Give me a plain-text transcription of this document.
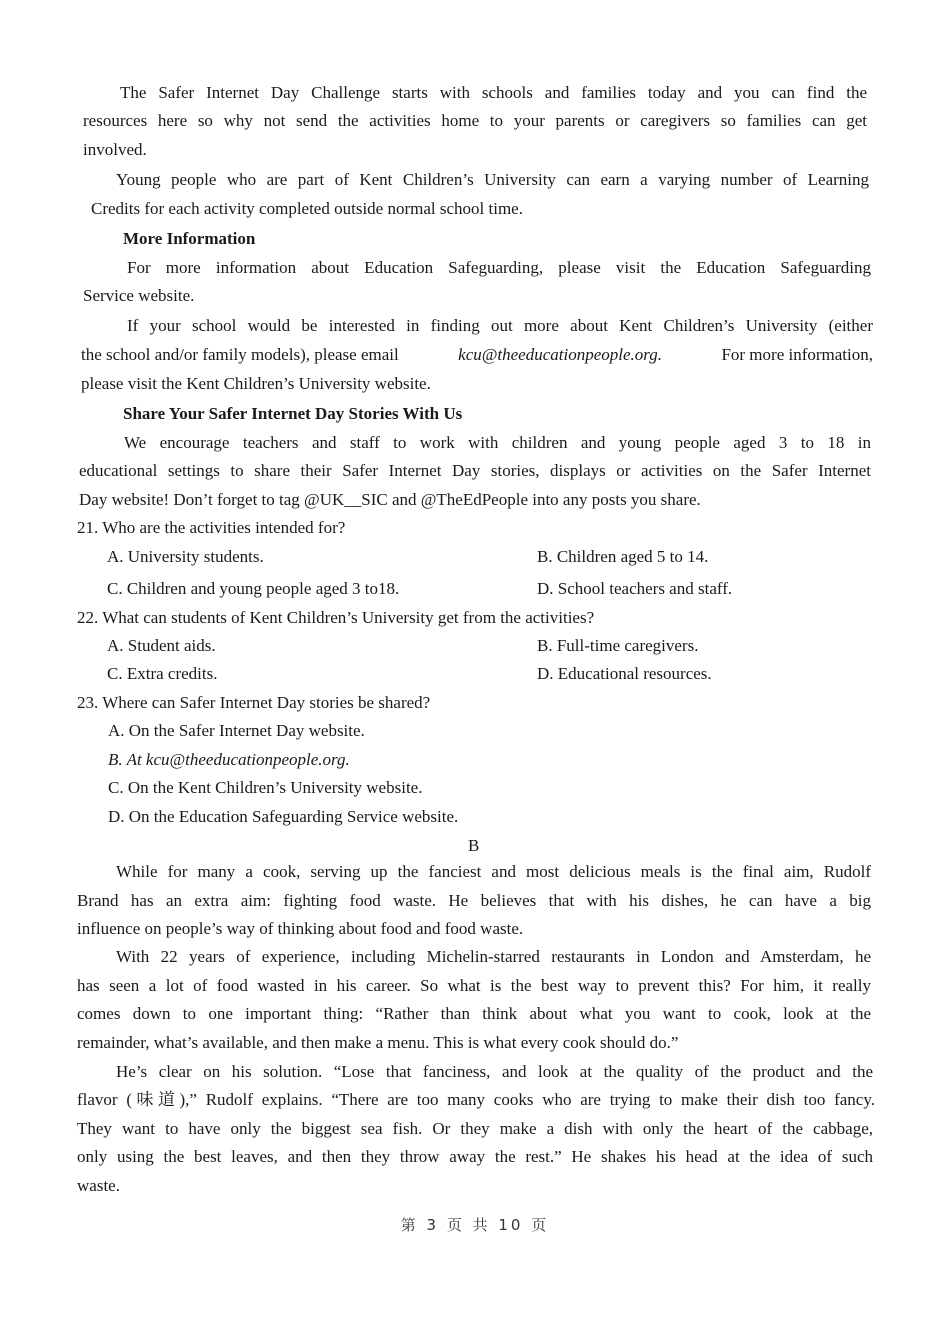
The Safer Internet Day Challenge starts with schools and families today and you can find the
resources here so why not send the activities home to your parents or caregivers so families can get
involved.
Young people who are part of Kent Children’s University can earn a varying number of Learning
Credits for each activity completed outside normal school time.
More Information
For more information about Education Safeguarding, please visit the Education Safeguarding
Service website.
If your school would be interested in finding out more about Kent Children’s University (either
the school and/or family models), please email	kcu@theeducationpeople.org.	For more information,
please visit the Kent Children’s University website.
Share Your Safer Internet Day Stories With Us
We encourage teachers and staff to work with children and young people aged 3 to 18 in
educational settings to share their Safer Internet Day stories, displays or activities on the Safer Internet
Day website! Don’t forget to tag @UK__SIC and @TheEdPeople into any posts you share.
21. Who are the activities intended for?
A. University students.	B. Children aged 5 to 14.
C. Children and young people aged 3 to18.	D. School teachers and staff.
22. What can students of Kent Children’s University get from the activities?
A. Student aids.	B. Full-time caregivers.
C. Extra credits.	D. Educational resources.
23. Where can Safer Internet Day stories be shared?
A. On the Safer Internet Day website.
B. At kcu@theeducationpeople.org.
C. On the Kent Children’s University website.
D. On the Education Safeguarding Service website.
B
While for many a cook, serving up the fanciest and most delicious meals is the final aim, Rudolf
Brand has an extra aim: fighting food waste. He believes that with his dishes, he can have a big
influence on people’s way of thinking about food and food waste.
With 22 years of experience, including Michelin-starred restaurants in London and Amsterdam, he
has seen a lot of food wasted in his career. So what is the best way to prevent this? For him, it really
comes down to one important thing: “Rather than think about what you want to cook, look at the
remainder, what’s available, and then make a menu. This is what every cook should do.”
He’s clear on his solution. “Lose that fanciness, and look at the quality of the product and the
flavor (味道),” Rudolf explains. “There are too many cooks who are trying to make their dish too fancy.
They want to have only the biggest sea fish. Or they make a dish with only the heart of the cabbage,
only using the best leaves, and then they throw away the rest.” He shakes his head at the idea of such
waste.
第 3 页 共 10 页
